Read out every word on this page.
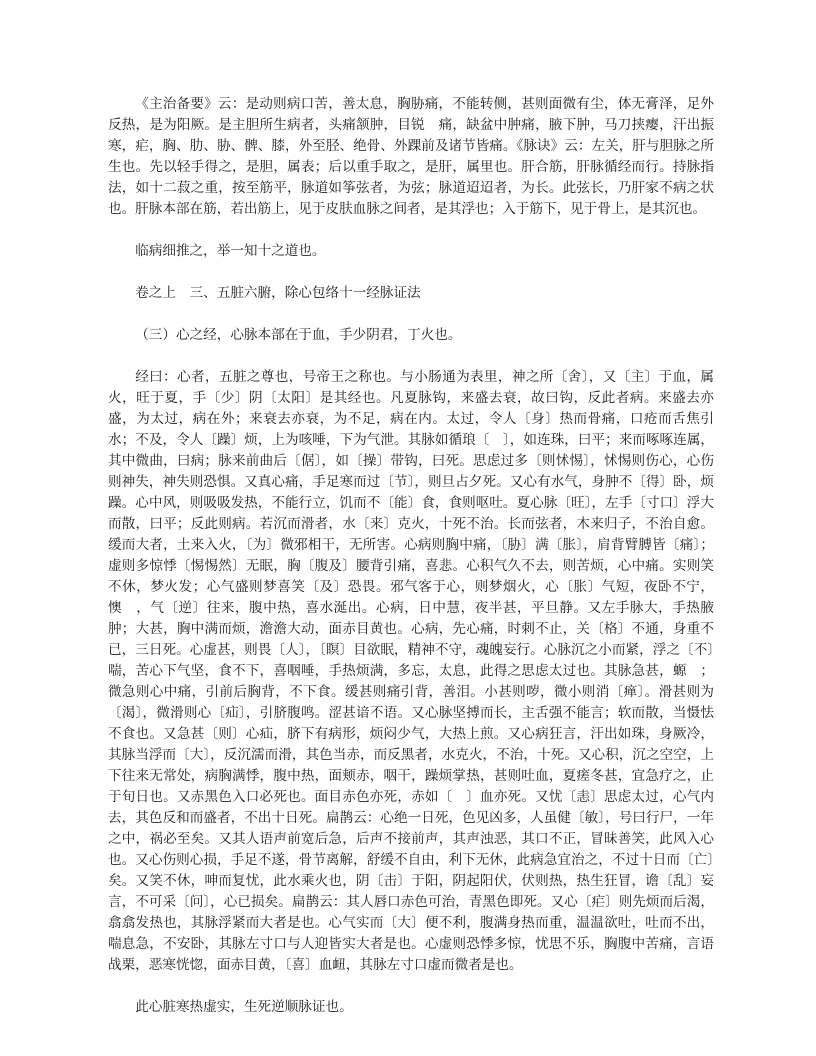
《主治备要》云：是动则病口苦，善太息，胸胁痛，不能转侧，甚则面微有尘，体无膏泽，足外反热，是为阳厥。是主胆所生病者，头痛颔肿，目锐　痛，缺盆中肿痛，腋下肿，马刀挟瘿，汗出振寒，疟，胸、肋、胁、髀、膝，外至胫、绝骨、外踝前及诸节皆痛。《脉诀》云：左关，肝与胆脉之所生也。先以轻手得之，是胆，属表；后以重手取之，是肝，属里也。肝合筋，肝脉循经而行。持脉指法，如十二菽之重，按至筋平，脉道如筝弦者，为弦；脉道迢迢者，为长。此弦长，乃肝家不病之状也。肝脉本部在筋，若出筋上，见于皮肤血脉之间者，是其浮也；入于筋下，见于骨上，是其沉也。

临病细推之，举一知十之道也。

卷之上　三、五脏六腑，除心包络十一经脉证法

（三）心之经，心脉本部在于血，手少阴君，丁火也。

经曰：心者，五脏之尊也，号帝王之称也。与小肠通为表里，神之所〔舍〕，又〔主〕于血，属火，旺于夏，手〔少〕阴〔太阳〕是其经也。凡夏脉钩，来盛去衰，故曰钩，反此者病。来盛去亦盛，为太过，病在外；来衰去亦衰，为不足，病在内。太过，令人〔身〕热而骨痛，口疮而舌焦引水；不及，令人〔躁〕烦，上为咳唾，下为气泄。其脉如循琅〔　〕，如连珠，曰平；来而啄啄连属，其中微曲，曰病；脉来前曲后〔倨〕，如〔操〕带钩，曰死。思虑过多〔则怵惕〕，怵惕则伤心，心伤则神失，神失则恐惧。又真心痛，手足寒而过〔节〕，则旦占夕死。又心有水气，身肿不〔得〕卧，烦躁。心中风，则吸吸发热，不能行立，饥而不〔能〕食，食则呕吐。夏心脉〔旺〕，左手〔寸口〕浮大而散，曰平；反此则病。若沉而滑者，水〔来〕克火，十死不治。长而弦者，木来归子，不治自愈。缓而大者，土来入火，〔为〕微邪相干，无所害。心病则胸中痛，〔胁〕满〔胀〕，肩背臂膊皆〔痛〕；虚则多惊悸〔惕惕然〕无眠，胸〔腹及〕腰背引痛，喜悲。心积气久不去，则苦烦，心中痛。实则笑不休，梦火发；心气盛则梦喜笑〔及〕恐畏。邪气客于心，则梦烟火，心〔胀〕气短，夜卧不宁，懊　，气〔逆〕往来，腹中热，喜水涎出。心病，日中慧，夜半甚，平旦静。又左手脉大，手热腋肿；大甚，胸中满而烦，澹澹大动，面赤目黄也。心病，先心痛，时刺不止，关〔格〕不通，身重不已，三日死。心虚甚，则畏〔人〕，〔瞑〕目欲眠，精神不守，魂魄妄行。心脉沉之小而紧，浮之〔不〕喘，苦心下气坚，食不下，喜咽唾，手热烦满，多忘，太息，此得之思虑太过也。其脉急甚，螈　；微急则心中痛，引前后胸背，不下食。缓甚则痛引背，善泪。小甚则哕，微小则消〔瘅〕。滑甚则为〔渴〕，微滑则心〔疝〕，引脐腹鸣。涩甚谙不语。又心脉坚搏而长，主舌强不能言；软而散，当慑怯不食也。又急甚〔则〕心疝，脐下有病形，烦闷少气，大热上煎。又心病狂言，汗出如珠，身厥冷，其脉当浮而〔大〕，反沉濡而滑，其色当赤，而反黑者，水克火，不治，十死。又心积，沉之空空，上下往来无常处，病胸满悸，腹中热，面颊赤，咽干，躁烦掌热，甚则吐血，夏瘥冬甚，宜急疗之，止于旬日也。又赤黑色入口必死也。面目赤色亦死，赤如〔　〕血亦死。又忧〔恚〕思虑太过，心气内去，其色反和而盛者，不出十日死。扁鹊云：心绝一日死，色见凶多，人虽健〔敏〕，号曰行尸，一年之中，祸必至矣。又其人语声前宽后急，后声不接前声，其声浊恶，其口不正，冒昧善笑，此风入心也。又心伤则心损，手足不遂，骨节离解，舒缓不自由，利下无休，此病急宜治之，不过十日而〔亡〕矣。又笑不休，呻而复忧，此水乘火也，阴〔击〕于阳，阴起阳伏，伏则热，热生狂冒，谵〔乱〕妄言，不可采〔问〕，心已损矣。扁鹊云：其人唇口赤色可治，青黑色即死。又心〔疟〕则先烦而后渴，翕翕发热也，其脉浮紧而大者是也。心气实而〔大〕便不利，腹满身热而重，温温欲吐，吐而不出，喘息急，不安卧，其脉左寸口与人迎皆实大者是也。心虚则恐悸多惊，忧思不乐，胸腹中苦痛，言语战栗，恶寒恍惚，面赤目黄，〔喜〕血衄，其脉左寸口虚而微者是也。

此心脏寒热虚实，生死逆顺脉证也。
